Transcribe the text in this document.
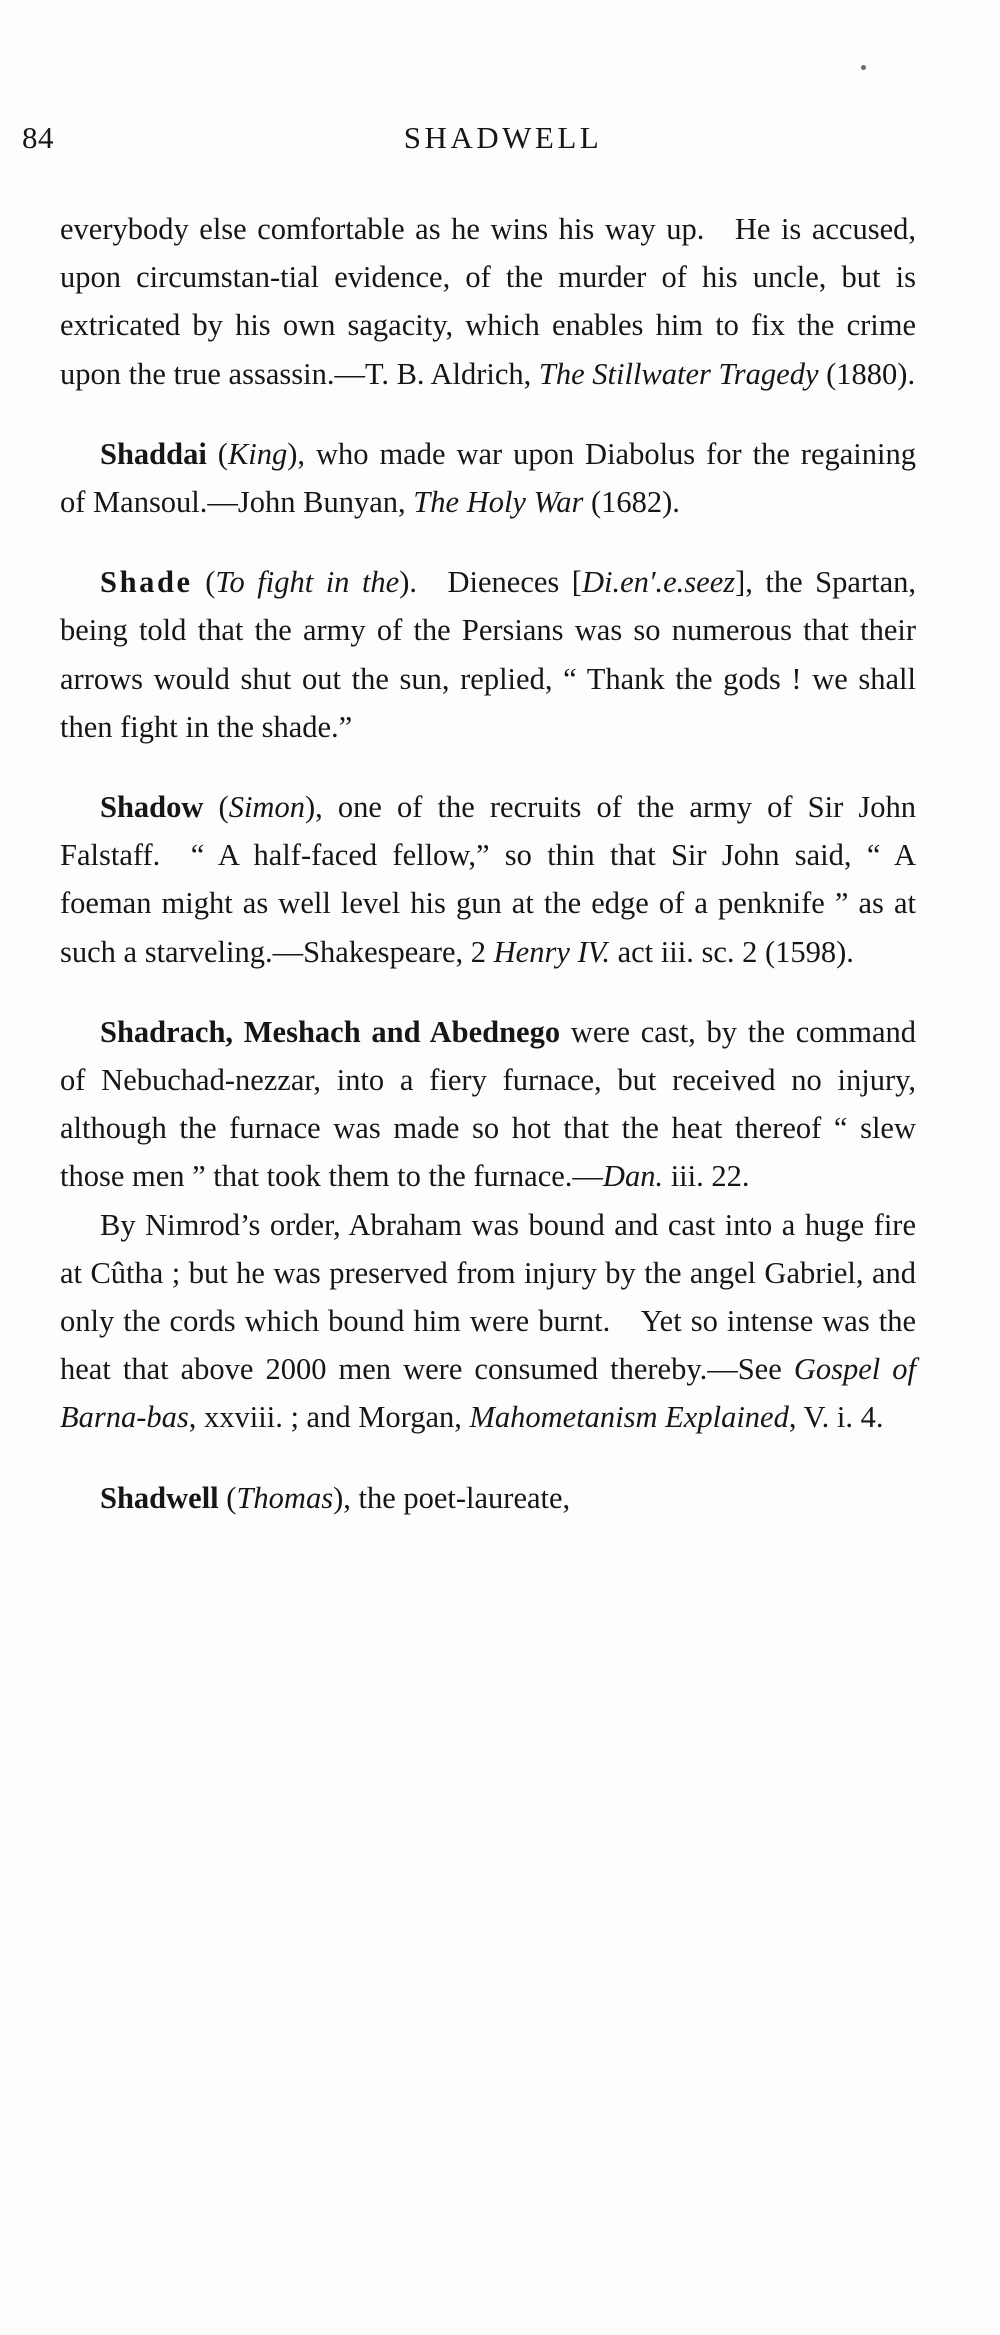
84	SHADWELL

everybody else comfortable as he wins his way up. He is accused, upon circumstan-tial evidence, of the murder of his uncle, but is extricated by his own sagacity, which enables him to fix the crime upon the true assassin.—T. B. Aldrich, The Stillwater Tragedy (1880).

Shaddai (King), who made war upon Diabolus for the regaining of Mansoul.—John Bunyan, The Holy War (1682).

Shade (To fight in the). Dieneces [Di.en′.e.seez], the Spartan, being told that the army of the Persians was so numerous that their arrows would shut out the sun, replied, “ Thank the gods ! we shall then fight in the shade.”

Shadow (Simon), one of the recruits of the army of Sir John Falstaff. “ A half-faced fellow,” so thin that Sir John said, “ A foeman might as well level his gun at the edge of a penknife ” as at such a starveling.—Shakespeare, 2 Henry IV. act iii. sc. 2 (1598).

Shadrach, Meshach and Abednego were cast, by the command of Nebuchad-nezzar, into a fiery furnace, but received no injury, although the furnace was made so hot that the heat thereof “ slew those men ” that took them to the furnace.—Dan. iii. 22.

By Nimrod’s order, Abraham was bound and cast into a huge fire at Cûtha ; but he was preserved from injury by the angel Gabriel, and only the cords which bound him were burnt. Yet so intense was the heat that above 2000 men were consumed thereby.—See Gospel of Barna-bas, xxviii. ; and Morgan, Mahometanism Explained, V. i. 4.

Shadwell (Thomas), the poet-laureate,
